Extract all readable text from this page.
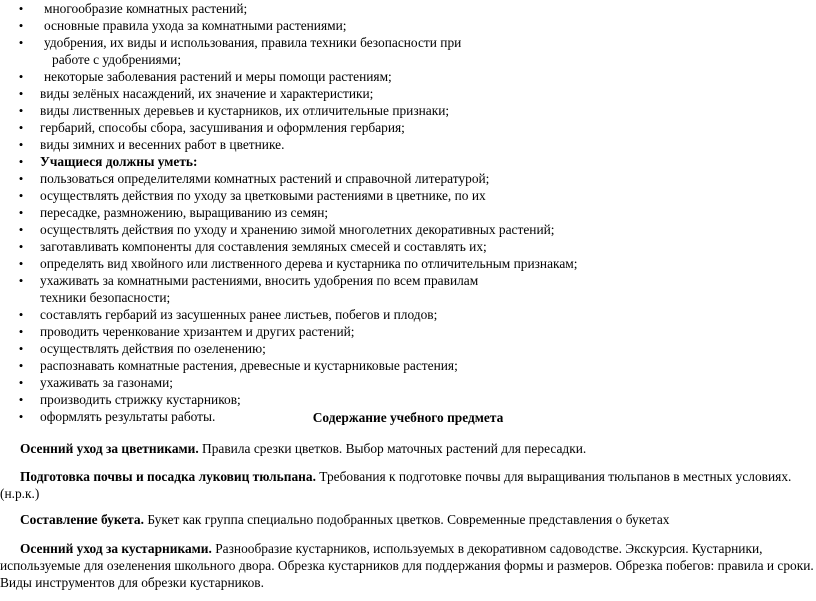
•
многообразие комнатных растений;
•
основные правила ухода за комнатными растениями;
•
удобрения, их виды и использования, правила техники безопасности при
работе с удобрениями;
•
некоторые заболевания растений и меры помощи растениям;
•
виды зелёных насаждений, их значение и характеристики;
•
виды лиственных деревьев и кустарников, их отличительные признаки;
•
гербарий, способы сбора, засушивания и оформления гербария;
•
виды зимних и весенних работ в цветнике.
•
Учащиеся должны уметь:
•
пользоваться определителями комнатных растений и справочной литературой;
•
осуществлять действия по уходу за цветковыми растениями в цветнике, по их
•
пересадке, размножению, выращиванию из семян;
•
осуществлять действия по уходу и хранению зимой многолетних декоративных растений;
•
заготавливать компоненты для составления земляных смесей и составлять их;
•
определять вид хвойного или лиственного дерева и кустарника по отличительным признакам;
•
ухаживать за комнатными растениями, вносить удобрения по всем правилам
техники безопасности;
•
составлять гербарий из засушенных ранее листьев, побегов и плодов;
•
проводить черенкование хризантем и других растений;
•
осуществлять действия по озеленению;
•
распознавать комнатные растения, древесные и кустарниковые растения;
•
ухаживать за газонами;
•
производить стрижку кустарников;
•
оформлять результаты работы.	Содержание учебного предмета
Осенний уход за цветниками. Правила срезки цветков. Выбор маточных растений для пересадки.
Подготовка почвы и посадка луковиц тюльпана. Требования к подготовке почвы для выращивания тюльпанов в местных условиях.
(н.р.к.)
Составление букета. Букет как группа специально подобранных цветков. Современные представления о букетах
Осенний уход за кустарниками. Разнообразие кустарников, используемых в декоративном садоводстве. Экскурсия. Кустарники,
используемые для озеленения школьного двора. Обрезка кустарников для поддержания формы и размеров. Обрезка побегов: правила и сроки.
Виды инструментов для обрезки кустарников.
